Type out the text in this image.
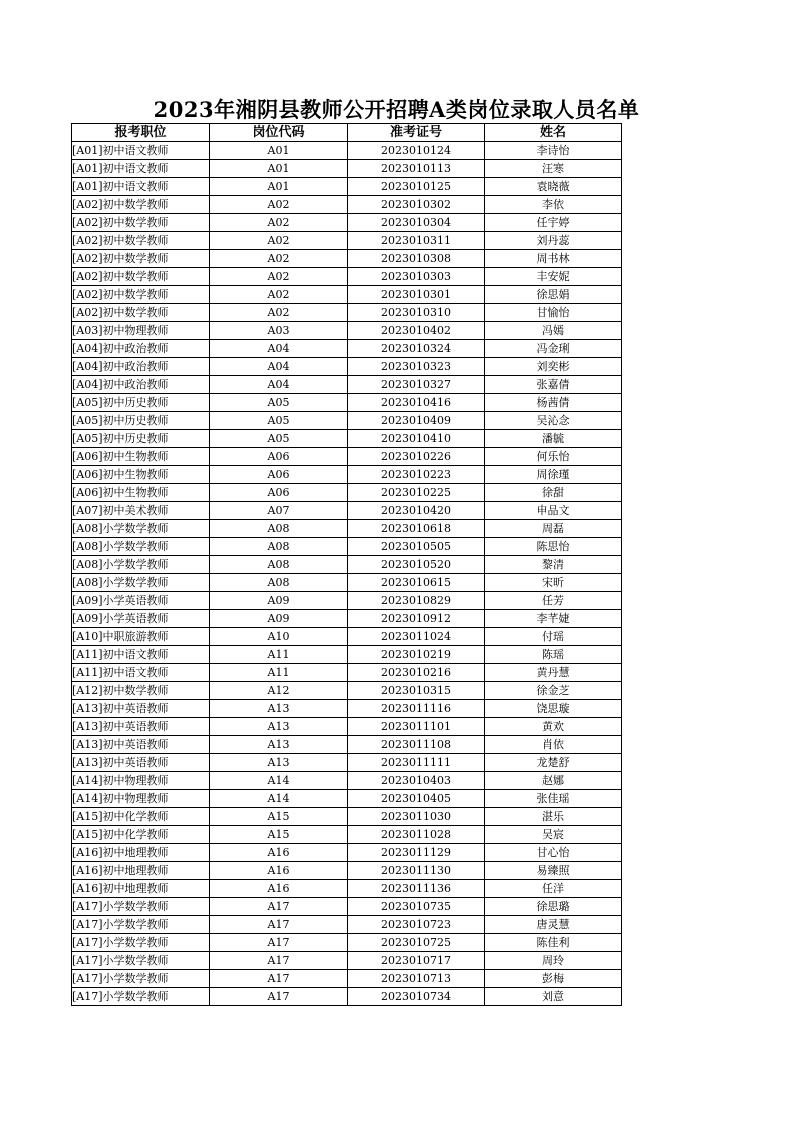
2023年湘阴县教师公开招聘A类岗位录取人员名单
报考职位	岗位代码	准考证号	姓名
[A01]初中语文教师	A01	2023010124	李诗怡
[A01]初中语文教师	A01	2023010113	汪寒
[A01]初中语文教师	A01	2023010125	袁晓薇
[A02]初中数学教师	A02	2023010302	李依
[A02]初中数学教师	A02	2023010304	任宇婷
[A02]初中数学教师	A02	2023010311	刘丹蕊
[A02]初中数学教师	A02	2023010308	周书林
[A02]初中数学教师	A02	2023010303	丰安妮
[A02]初中数学教师	A02	2023010301	徐思娟
[A02]初中数学教师	A02	2023010310	甘愉怡
[A03]初中物理教师	A03	2023010402	冯嫣
[A04]初中政治教师	A04	2023010324	冯金琍
[A04]初中政治教师	A04	2023010323	刘奕彬
[A04]初中政治教师	A04	2023010327	张嘉倩
[A05]初中历史教师	A05	2023010416	杨茜倩
[A05]初中历史教师	A05	2023010409	吴沁念
[A05]初中历史教师	A05	2023010410	潘毓
[A06]初中生物教师	A06	2023010226	何乐怡
[A06]初中生物教师	A06	2023010223	周徐瑾
[A06]初中生物教师	A06	2023010225	徐甜
[A07]初中美术教师	A07	2023010420	申品文
[A08]小学数学教师	A08	2023010618	周磊
[A08]小学数学教师	A08	2023010505	陈思怡
[A08]小学数学教师	A08	2023010520	黎清
[A08]小学数学教师	A08	2023010615	宋昕
[A09]小学英语教师	A09	2023010829	任芳
[A09]小学英语教师	A09	2023010912	李芊婕
[A10]中职旅游教师	A10	2023011024	付瑶
[A11]初中语文教师	A11	2023010219	陈瑶
[A11]初中语文教师	A11	2023010216	黄丹慧
[A12]初中数学教师	A12	2023010315	徐金芝
[A13]初中英语教师	A13	2023011116	饶思璇
[A13]初中英语教师	A13	2023011101	黄欢
[A13]初中英语教师	A13	2023011108	肖依
[A13]初中英语教师	A13	2023011111	龙楚舒
[A14]初中物理教师	A14	2023010403	赵娜
[A14]初中物理教师	A14	2023010405	张佳瑶
[A15]初中化学教师	A15	2023011030	湛乐
[A15]初中化学教师	A15	2023011028	吴宸
[A16]初中地理教师	A16	2023011129	甘心怡
[A16]初中地理教师	A16	2023011130	易臻照
[A16]初中地理教师	A16	2023011136	任洋
[A17]小学数学教师	A17	2023010735	徐思璐
[A17]小学数学教师	A17	2023010723	唐灵慧
[A17]小学数学教师	A17	2023010725	陈佳利
[A17]小学数学教师	A17	2023010717	周玲
[A17]小学数学教师	A17	2023010713	彭梅
[A17]小学数学教师	A17	2023010734	刘意
